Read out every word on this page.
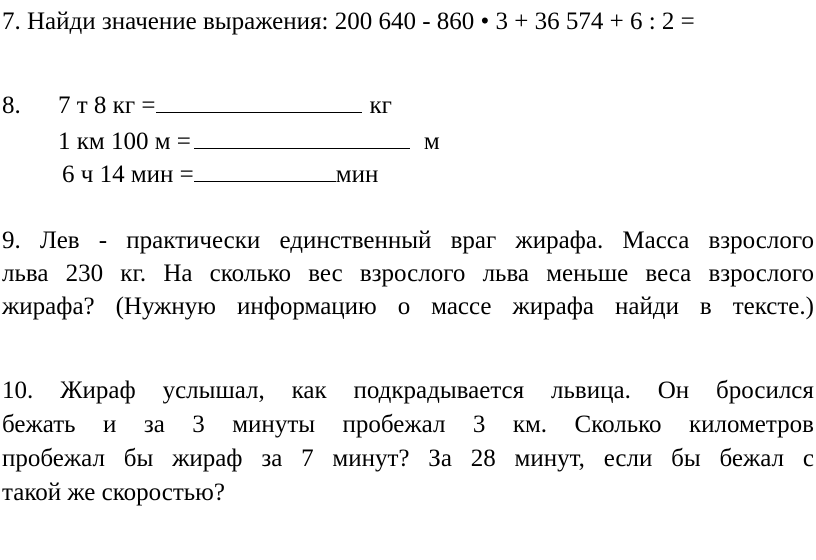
7. Найди значение выражения: 200 640 - 860 • 3 + 36 574 + 6 : 2 =
8. 7 т 8 кг =	кг
1 км 100 м =	м
6 ч 14 мин =	мин
9. Лев - практически единственный враг жирафа. Масса взрослого
льва 230 кг. На сколько вес взрослого льва меньше веса взрослого
жирафа? (Нужную информацию о массе жирафа найди в тексте.)
10. Жираф услышал, как подкрадывается львица. Он бросился
бежать и за 3 минуты пробежал 3 км. Сколько километров
пробежал бы жираф за 7 минут? За 28 минут, если бы бежал с
такой же скоростью?
